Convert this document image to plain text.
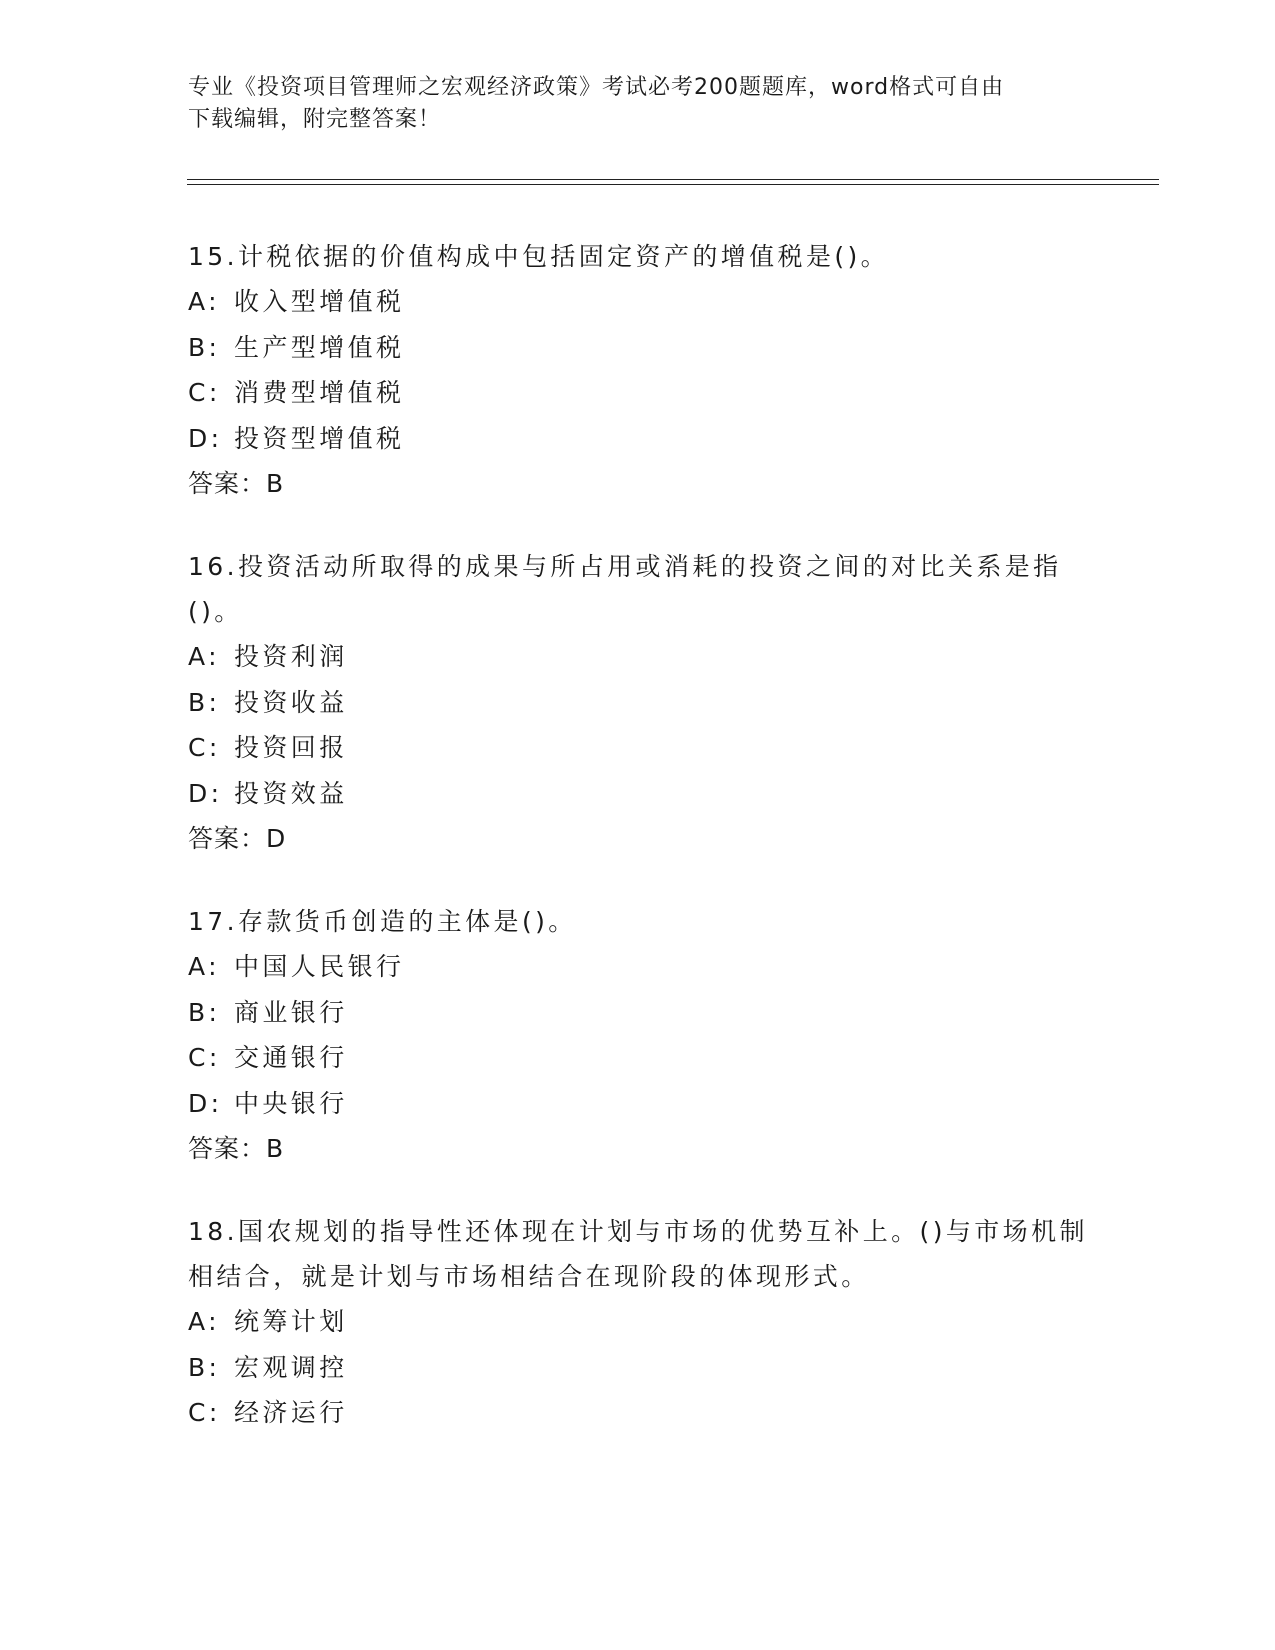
专业《投资项目管理师之宏观经济政策》考试必考200题题库，word格式可自由
下载编辑，附完整答案！

15.计税依据的价值构成中包括固定资产的增值税是()。

A: 收入型增值税

B: 生产型增值税

C: 消费型增值税

D: 投资型增值税

答案：B

16.投资活动所取得的成果与所占用或消耗的投资之间的对比关系是指()。

A: 投资利润

B: 投资收益

C: 投资回报

D: 投资效益

答案：D

17.存款货币创造的主体是()。

A: 中国人民银行

B: 商业银行

C: 交通银行

D: 中央银行

答案：B

18.国农规划的指导性还体现在计划与市场的优势互补上。()与市场机制相结合，就是计划与市场相结合在现阶段的体现形式。

A: 统筹计划

B: 宏观调控

C: 经济运行
